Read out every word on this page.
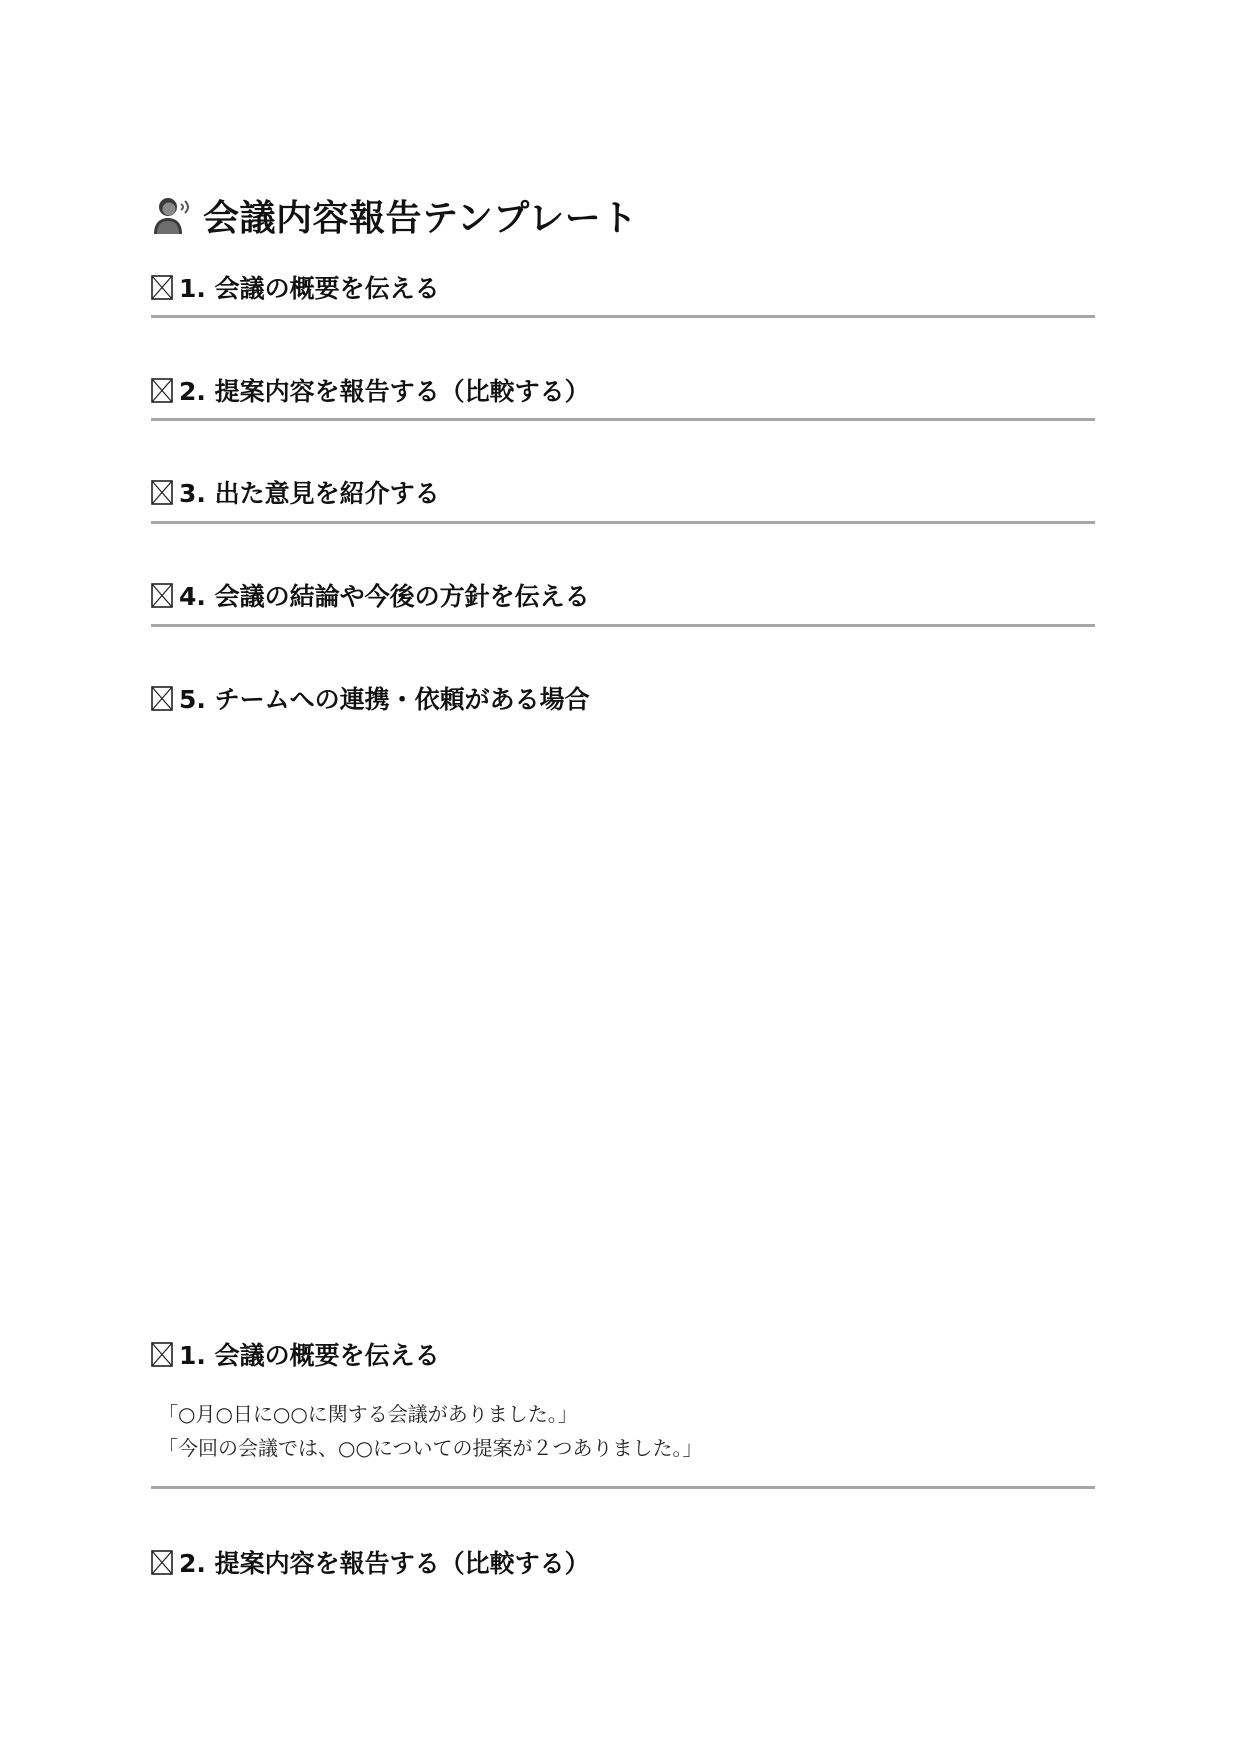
会議内容報告テンプレート
1. 会議の概要を伝える
2. 提案内容を報告する（比較する）
3. 出た意見を紹介する
4. 会議の結論や今後の方針を伝える
5. チームへの連携・依頼がある場合
1. 会議の概要を伝える
「○月○日に○○に関する会議がありました。」
「今回の会議では、○○についての提案が２つありました。」
2. 提案内容を報告する（比較する）
